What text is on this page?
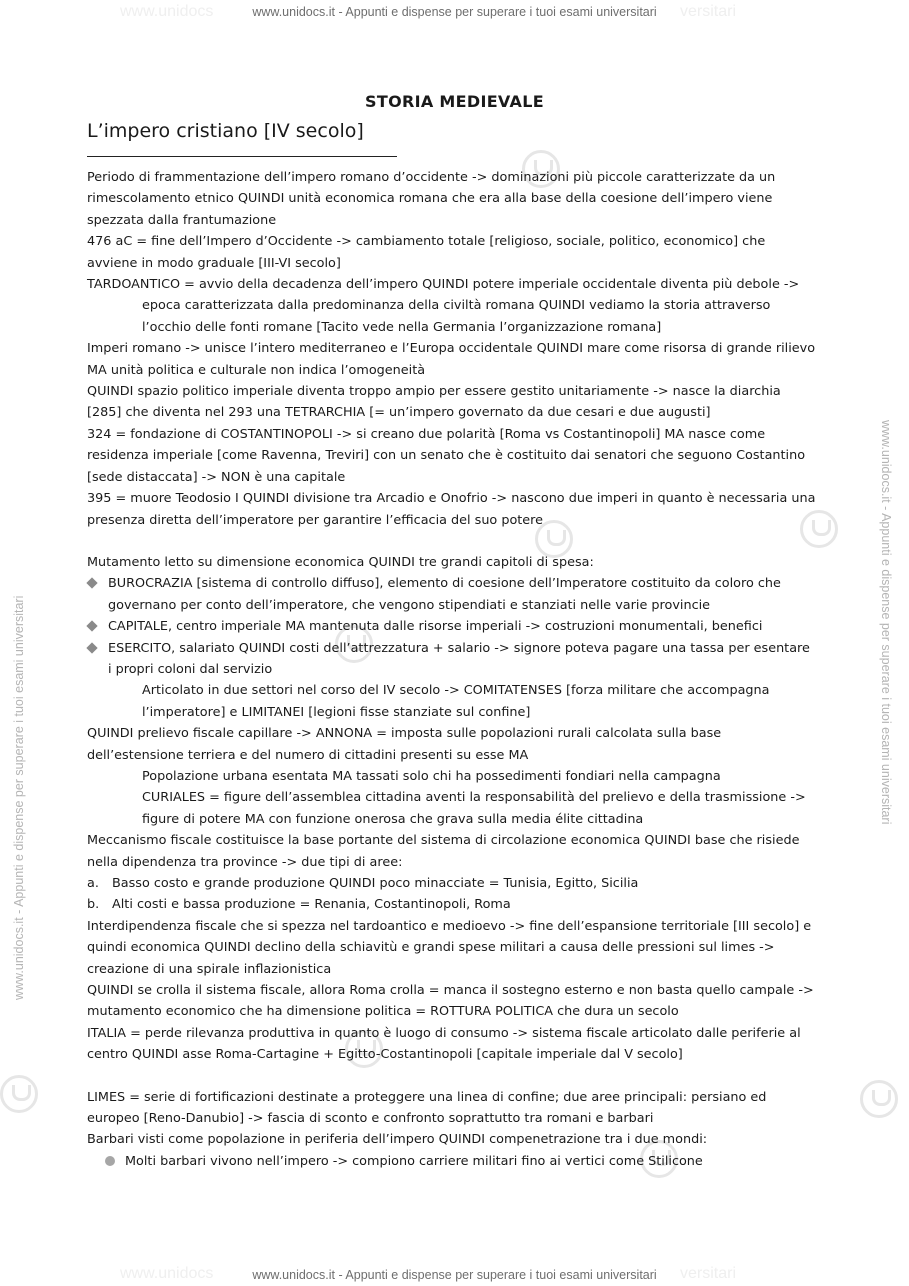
www.unidocs	versitari
www.unidocs.it - Appunti e dispense per superare i tuoi esami universitari
www.unidocs	versitari
www.unidocs.it - Appunti e dispense per superare i tuoi esami universitari
www.unidocs.it - Appunti e dispense per superare i tuoi esami universitari	www.unidocs.it - Appunti e dispense per superare i tuoi esami universitari
STORIA MEDIEVALE
L’impero cristiano [IV secolo]

Periodo di frammentazione dell’impero romano d’occidente -> dominazioni più piccole caratterizzate da un rimescolamento etnico QUINDI unità economica romana che era alla base della coesione dell’impero viene spezzata dalla frantumazione

476 aC = fine dell’Impero d’Occidente -> cambiamento totale [religioso, sociale, politico, economico] che avviene in modo graduale [III-VI secolo]

TARDOANTICO = avvio della decadenza dell’impero QUINDI potere imperiale occidentale diventa più debole -> epoca caratterizzata dalla predominanza della civiltà romana QUINDI vediamo la storia attraverso l’occhio delle fonti romane [Tacito vede nella Germania l’organizzazione romana]

Imperi romano -> unisce l’intero mediterraneo e l’Europa occidentale QUINDI mare come risorsa di grande rilievo MA unità politica e culturale non indica l’omogeneità

QUINDI spazio politico imperiale diventa troppo ampio per essere gestito unitariamente -> nasce la diarchia [285] che diventa nel 293 una TETRARCHIA [= un’impero governato da due cesari e due augusti]

324 = fondazione di COSTANTINOPOLI -> si creano due polarità [Roma vs Costantinopoli] MA nasce come residenza imperiale [come Ravenna, Treviri] con un senato che è costituito dai senatori che seguono Costantino [sede distaccata] -> NON è una capitale

395 = muore Teodosio I QUINDI divisione tra Arcadio e Onofrio -> nascono due imperi in quanto è necessaria una presenza diretta dell’imperatore per garantire l’efficacia del suo potere

Mutamento letto su dimensione economica QUINDI tre grandi capitoli di spesa:

BUROCRAZIA [sistema di controllo diffuso], elemento di coesione dell’Imperatore costituito da coloro che governano per conto dell’imperatore, che vengono stipendiati e stanziati nelle varie provincie

CAPITALE, centro imperiale MA mantenuta dalle risorse imperiali -> costruzioni monumentali, benefici

ESERCITO, salariato QUINDI costi dell’attrezzatura + salario -> signore poteva pagare una tassa per esentare i propri coloni dal servizio

Articolato in due settori nel corso del IV secolo -> COMITATENSES [forza militare che accompagna l’imperatore] e LIMITANEI [legioni fisse stanziate sul confine]

QUINDI prelievo fiscale capillare -> ANNONA = imposta sulle popolazioni rurali calcolata sulla base dell’estensione terriera e del numero di cittadini presenti su esse MA

Popolazione urbana esentata MA tassati solo chi ha possedimenti fondiari nella campagna

CURIALES = figure dell’assemblea cittadina aventi la responsabilità del prelievo e della trasmissione -> figure di potere MA con funzione onerosa che grava sulla media élite cittadina

Meccanismo fiscale costituisce la base portante del sistema di circolazione economica QUINDI base che risiede nella dipendenza tra province -> due tipi di aree:

a. Basso costo e grande produzione QUINDI poco minacciate = Tunisia, Egitto, Sicilia

b. Alti costi e bassa produzione = Renania, Costantinopoli, Roma

Interdipendenza fiscale che si spezza nel tardoantico e medioevo -> fine dell’espansione territoriale [III secolo] e quindi economica QUINDI declino della schiavitù e grandi spese militari a causa delle pressioni sul limes -> creazione di una spirale inflazionistica

QUINDI se crolla il sistema fiscale, allora Roma crolla = manca il sostegno esterno e non basta quello campale -> mutamento economico che ha dimensione politica = ROTTURA POLITICA che dura un secolo

ITALIA = perde rilevanza produttiva in quanto è luogo di consumo -> sistema fiscale articolato dalle periferie al centro QUINDI asse Roma-Cartagine + Egitto-Costantinopoli [capitale imperiale dal V secolo]

LIMES = serie di fortificazioni destinate a proteggere una linea di confine; due aree principali: persiano ed europeo [Reno-Danubio] -> fascia di sconto e confronto soprattutto tra romani e barbari

Barbari visti come popolazione in periferia dell’impero QUINDI compenetrazione tra i due mondi:

Molti barbari vivono nell’impero -> compiono carriere militari fino ai vertici come Stilicone
